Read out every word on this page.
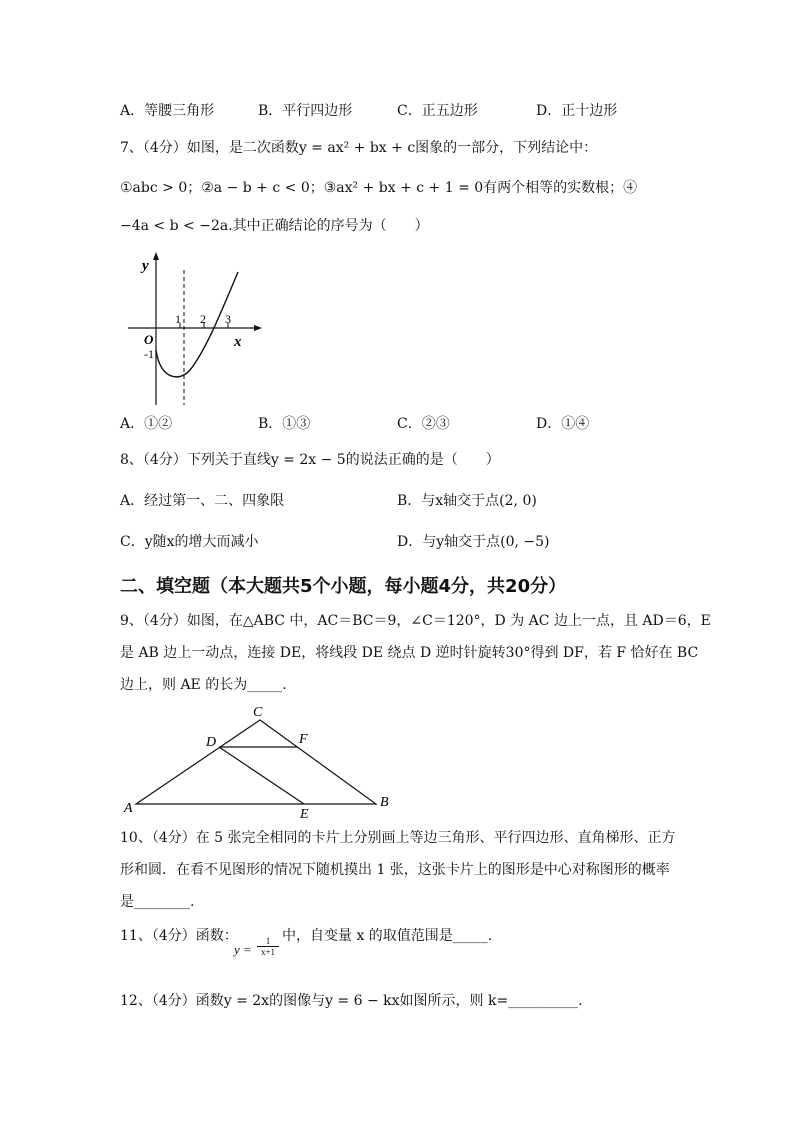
A．等腰三角形	B．平行四边形	C．正五边形	D．正十边形
7、（4分）如图，是二次函数y = ax² + bx + c图象的一部分，下列结论中：
①abc > 0；②a − b + c < 0；③ax² + bx + c + 1 = 0有两个相等的实数根；④
−4a < b < −2a.其中正确结论的序号为（　　）
y
x
O
1 2 3
-1
A．①②	B．①③	C．②③	D．①④
8、（4分）下列关于直线y = 2x − 5的说法正确的是（　　）
A．经过第一、二、四象限	B．与x轴交于点(2, 0)
C．y随x的增大而减小	D．与y轴交于点(0, −5)
二、填空题（本大题共5个小题，每小题4分，共20分）
9、（4分）如图，在△ABC 中，AC＝BC＝9，∠C＝120°，D 为 AC 边上一点，且 AD＝6，E
是 AB 边上一动点，连接 DE，将线段 DE 绕点 D 逆时针旋转30°得到 DF，若 F 恰好在 BC
边上，则 AE 的长为_____.
A	B
C
D
E
F
10、（4分）在 5 张完全相同的卡片上分别画上等边三角形、平行四边形、直角梯形、正方
形和圆．在看不见图形的情况下随机摸出 1 张，这张卡片上的图形是中心对称图形的概率
是________.
11、（4分）函数：
y =
1
x+1
中，自变量 x 的取值范围是_____.
12、（4分）函数y = 2x的图像与y = 6 − kx如图所示，则 k=__________.
